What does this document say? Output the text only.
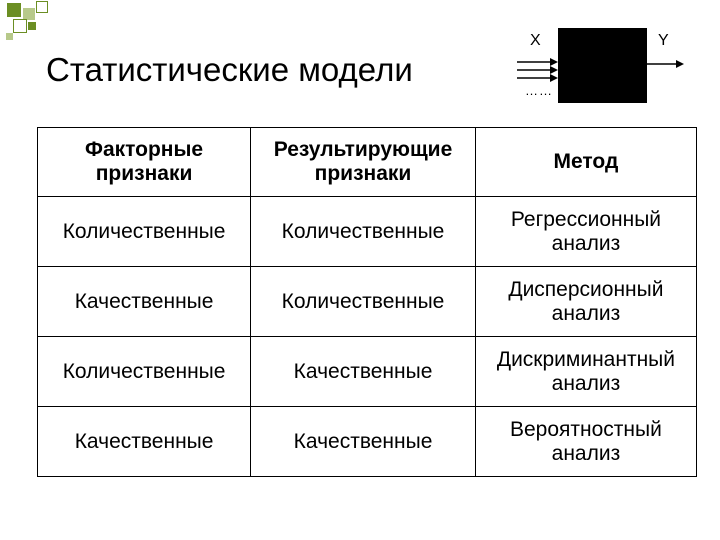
Статистические модели
X	Y
……
Факторные признаки	Результирующие признаки	Метод
Количественные	Количественные	Регрессионный анализ
Качественные	Количественные	Дисперсионный анализ
Количественные	Качественные	Дискриминантный анализ
Качественные	Качественные	Вероятностный анализ
